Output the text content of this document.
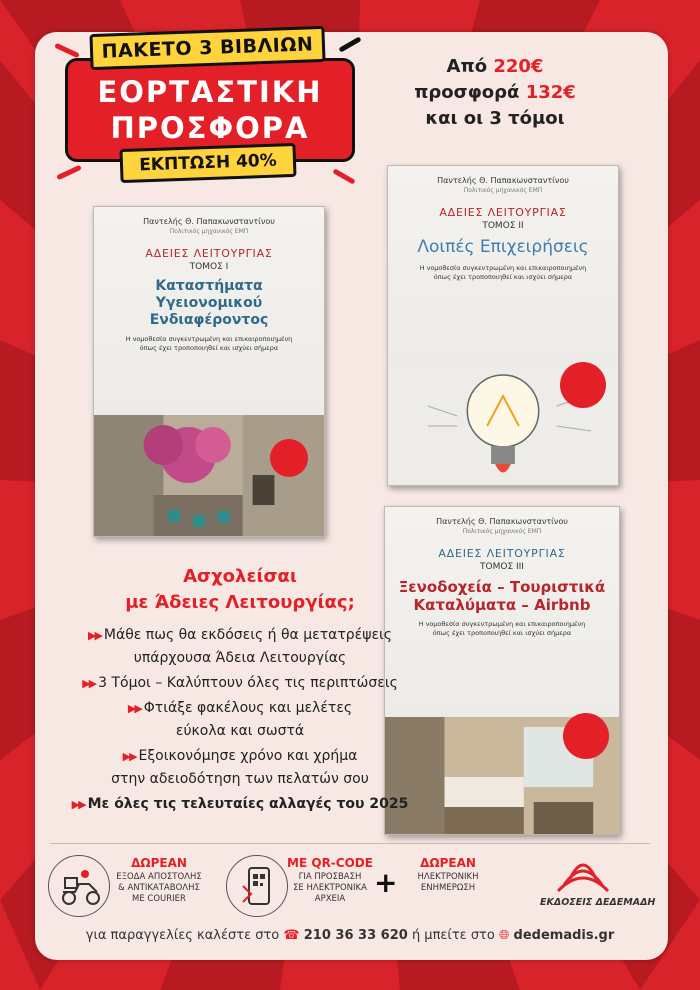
ΕΟΡΤΑΣΤΙΚΗ
ΠΡΟΣΦΟΡΑ
ΠΑΚΕΤΟ 3 ΒΙΒΛΙΩΝ
ΕΚΠΤΩΣΗ 40%
Από 220€
προσφορά 132€
και οι 3 τόμοι
Παντελής Θ. Παπακωνσταντίνου
Πολιτικός μηχανικός ΕΜΠ
ΑΔΕΙΕΣ ΛΕΙΤΟΥΡΓΙΑΣ
ΤΟΜΟΣ Ι
Καταστήματα Υγειονομικού Ενδιαφέροντος
Η νομοθεσία συγκεντρωμένη και επικαιροποιημένη όπως έχει τροποποιηθεί και ισχύει σήμερα
Παντελής Θ. Παπακωνσταντίνου
Πολιτικός μηχανικός ΕΜΠ
ΑΔΕΙΕΣ ΛΕΙΤΟΥΡΓΙΑΣ
ΤΟΜΟΣ ΙΙ
Λοιπές Επιχειρήσεις
Η νομοθεσία συγκεντρωμένη και επικαιροποιημένη όπως έχει τροποποιηθεί και ισχύει σήμερα
Παντελής Θ. Παπακωνσταντίνου
Πολιτικός μηχανικός ΕΜΠ
ΑΔΕΙΕΣ ΛΕΙΤΟΥΡΓΙΑΣ
ΤΟΜΟΣ ΙΙΙ
Ξενοδοχεία – Τουριστικά Καταλύματα – Airbnb
Η νομοθεσία συγκεντρωμένη και επικαιροποιημένη όπως έχει τροποποιηθεί και ισχύει σήμερα
Ασχολείσαι
με Άδειες Λειτουργίας;
▶▶ Μάθε πως θα εκδόσεις ή θα μετατρέψεις
υπάρχουσα Άδεια Λειτουργίας
▶▶ 3 Τόμοι – Καλύπτουν όλες τις περιπτώσεις
▶▶ Φτιάξε φακέλους και μελέτες
εύκολα και σωστά
▶▶ Εξοικονόμησε χρόνο και χρήμα
στην αδειοδότηση των πελατών σου
▶▶ Με όλες τις τελευταίες αλλαγές του 2025
ΔΩΡΕΑΝ
ΕΞΟΔΑ ΑΠΟΣΤΟΛΗΣ
& ΑΝΤΙΚΑΤΑΒΟΛΗΣ
ΜΕ COURIER
ΜΕ QR-CODE
ΓΙΑ ΠΡΟΣΒΑΣΗ
ΣΕ ΗΛΕΚΤΡΟΝΙΚΑ
ΑΡΧΕΙΑ	+
ΔΩΡΕΑΝ
ΗΛΕΚΤΡΟΝΙΚΗ
ΕΝΗΜΕΡΩΣΗ
ΕΚΔΟΣΕΙΣ ΔΕΔΕΜΑΔΗ
για παραγγελίες καλέστε στο ☎ 210 36 33 620 ή μπείτε στο 🌐︎ dedemadis.gr
